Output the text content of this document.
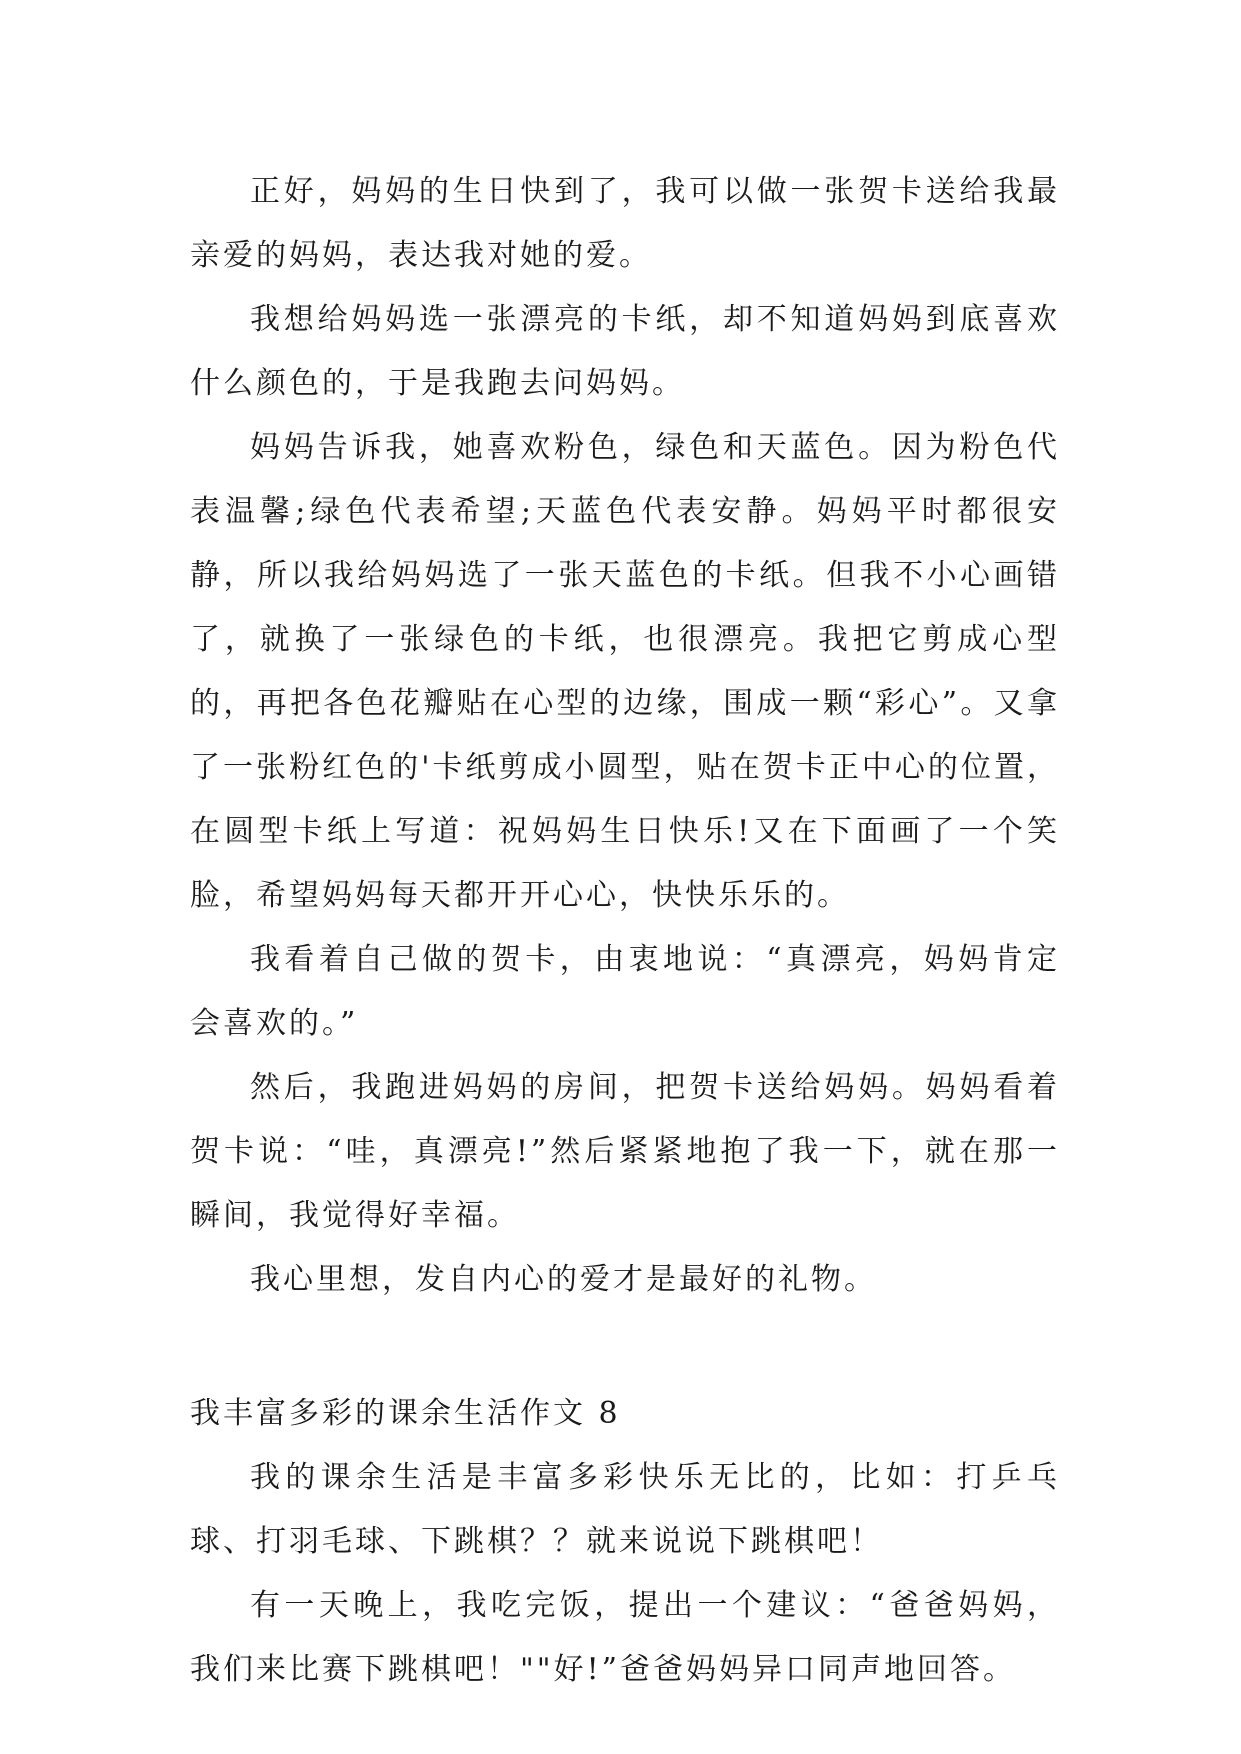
正好，妈妈的生日快到了，我可以做一张贺卡送给我最亲爱的妈妈，表达我对她的爱。

我想给妈妈选一张漂亮的卡纸，却不知道妈妈到底喜欢什么颜色的，于是我跑去问妈妈。

妈妈告诉我，她喜欢粉色，绿色和天蓝色。因为粉色代表温馨;绿色代表希望;天蓝色代表安静。妈妈平时都很安静，所以我给妈妈选了一张天蓝色的卡纸。但我不小心画错了，就换了一张绿色的卡纸，也很漂亮。我把它剪成心型的，再把各色花瓣贴在心型的边缘，围成一颗“彩心”。又拿了一张粉红色的'卡纸剪成小圆型，贴在贺卡正中心的位置，在圆型卡纸上写道：祝妈妈生日快乐!又在下面画了一个笑脸，希望妈妈每天都开开心心，快快乐乐的。

我看着自己做的贺卡，由衷地说：“真漂亮，妈妈肯定会喜欢的。”

然后，我跑进妈妈的房间，把贺卡送给妈妈。妈妈看着贺卡说：“哇，真漂亮!”然后紧紧地抱了我一下，就在那一瞬间，我觉得好幸福。

我心里想，发自内心的爱才是最好的礼物。

我丰富多彩的课余生活作文 8

我的课余生活是丰富多彩快乐无比的，比如：打乒乓球、打羽毛球、下跳棋？？就来说说下跳棋吧！

有一天晚上，我吃完饭，提出一个建议：“爸爸妈妈，我们来比赛下跳棋吧！""好!”爸爸妈妈异口同声地回答。
